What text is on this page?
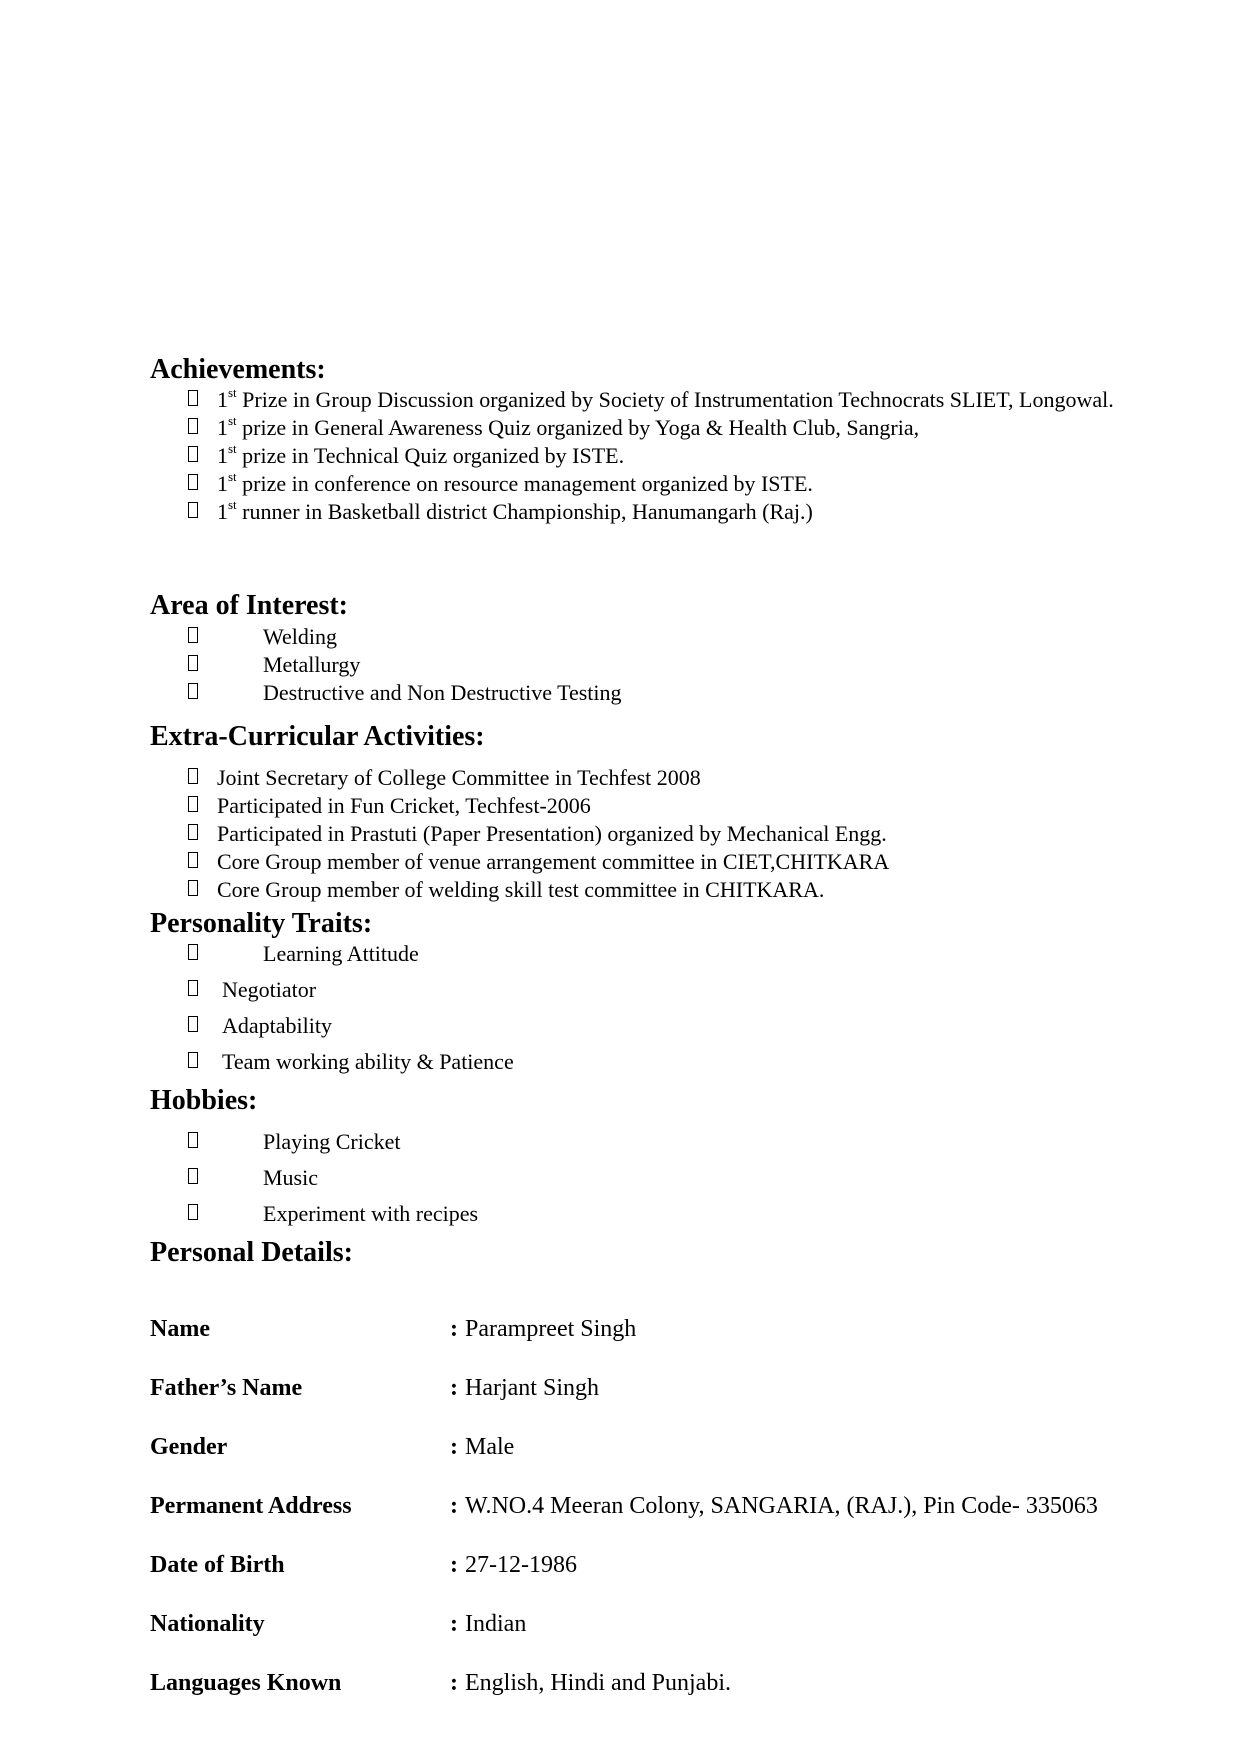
Achievements:
1st Prize in Group Discussion organized by Society of Instrumentation Technocrats SLIET, Longowal.
1st prize in General Awareness Quiz organized by Yoga & Health Club, Sangria,
1st prize in Technical Quiz organized by ISTE.
1st prize in conference on resource management organized by ISTE.
1st runner in Basketball district Championship, Hanumangarh (Raj.)
Area of Interest:
Welding
Metallurgy
Destructive and Non Destructive Testing
Extra-Curricular Activities:
Joint Secretary of College Committee in Techfest 2008
Participated in Fun Cricket, Techfest-2006
Participated in Prastuti (Paper Presentation) organized by Mechanical Engg.
Core Group member of venue arrangement committee in CIET,CHITKARA
Core Group member of welding skill test committee in CHITKARA.
Personality Traits:
Learning Attitude
Negotiator
Adaptability
Team working ability & Patience
Hobbies:
Playing Cricket
Music
Experiment with recipes
Personal Details:
Name	: Parampreet Singh
Father’s Name	: Harjant Singh
Gender	: Male
Permanent Address	: W.NO.4 Meeran Colony, SANGARIA, (RAJ.), Pin Code- 335063
Date of Birth	: 27-12-1986
Nationality	: Indian
Languages Known	: English, Hindi and Punjabi.
